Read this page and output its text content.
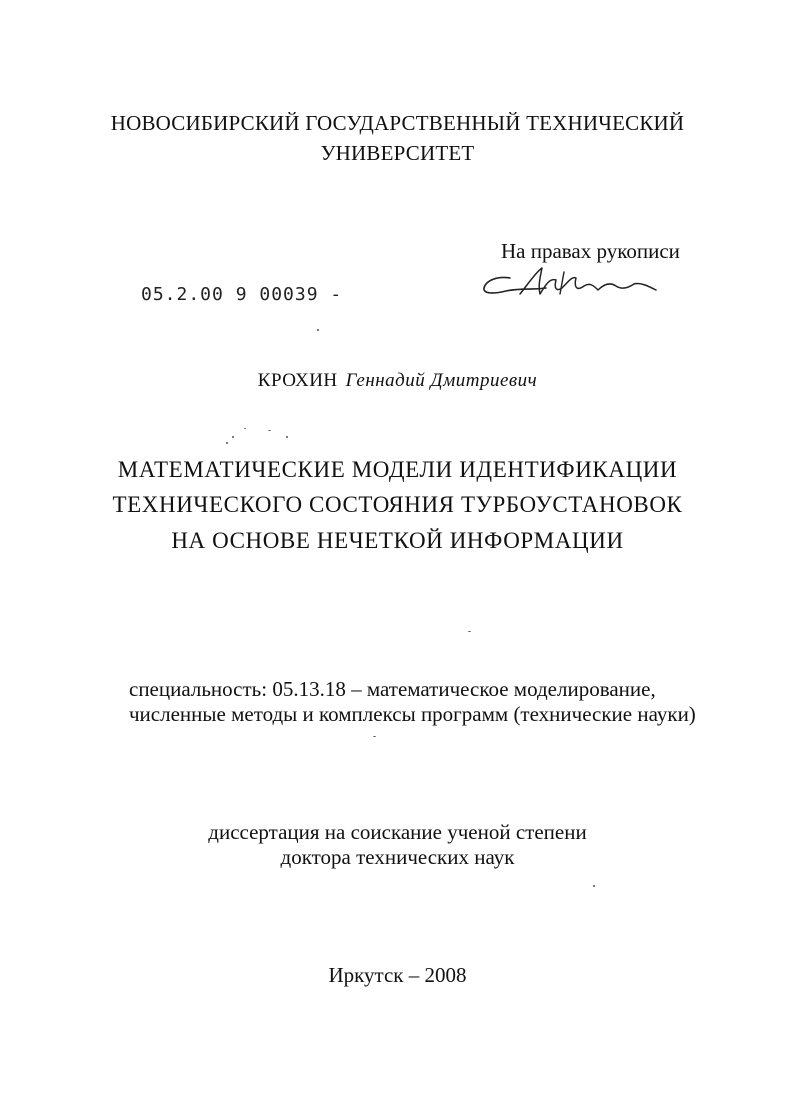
НОВОСИБИРСКИЙ ГОСУДАРСТВЕННЫЙ ТЕХНИЧЕСКИЙ
УНИВЕРСИТЕТ
На правах рукописи
05.2.00 9 00039 -
КРОХИН Геннадий Дмитриевич
МАТЕМАТИЧЕСКИЕ МОДЕЛИ ИДЕНТИФИКАЦИИ
ТЕХНИЧЕСКОГО СОСТОЯНИЯ ТУРБОУСТАНОВОК
НА ОСНОВЕ НЕЧЕТКОЙ ИНФОРМАЦИИ
специальность: 05.13.18 – математическое моделирование,
численные методы и комплексы программ (технические науки)
диссертация на соискание ученой степени
доктора технических наук
Иркутск – 2008
